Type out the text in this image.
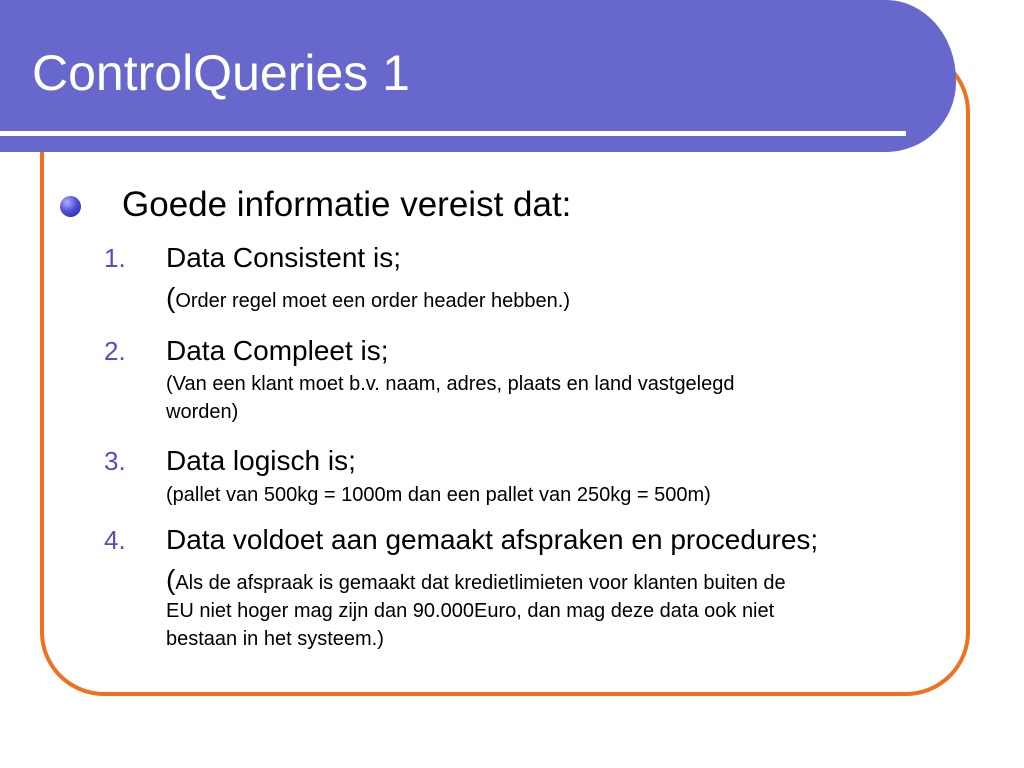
ControlQueries 1
Goede informatie vereist dat:
1. Data Consistent is;
(Order regel moet een order header hebben.)
2. Data Compleet is;
(Van een klant moet b.v. naam, adres, plaats en land vastgelegd
worden)
3. Data logisch is;
(pallet van 500kg = 1000m dan een pallet van 250kg = 500m)
4. Data voldoet aan gemaakt afspraken en procedures;
(Als de afspraak is gemaakt dat kredietlimieten voor klanten buiten de
EU niet hoger mag zijn dan 90.000Euro, dan mag deze data ook niet
bestaan in het systeem.)
